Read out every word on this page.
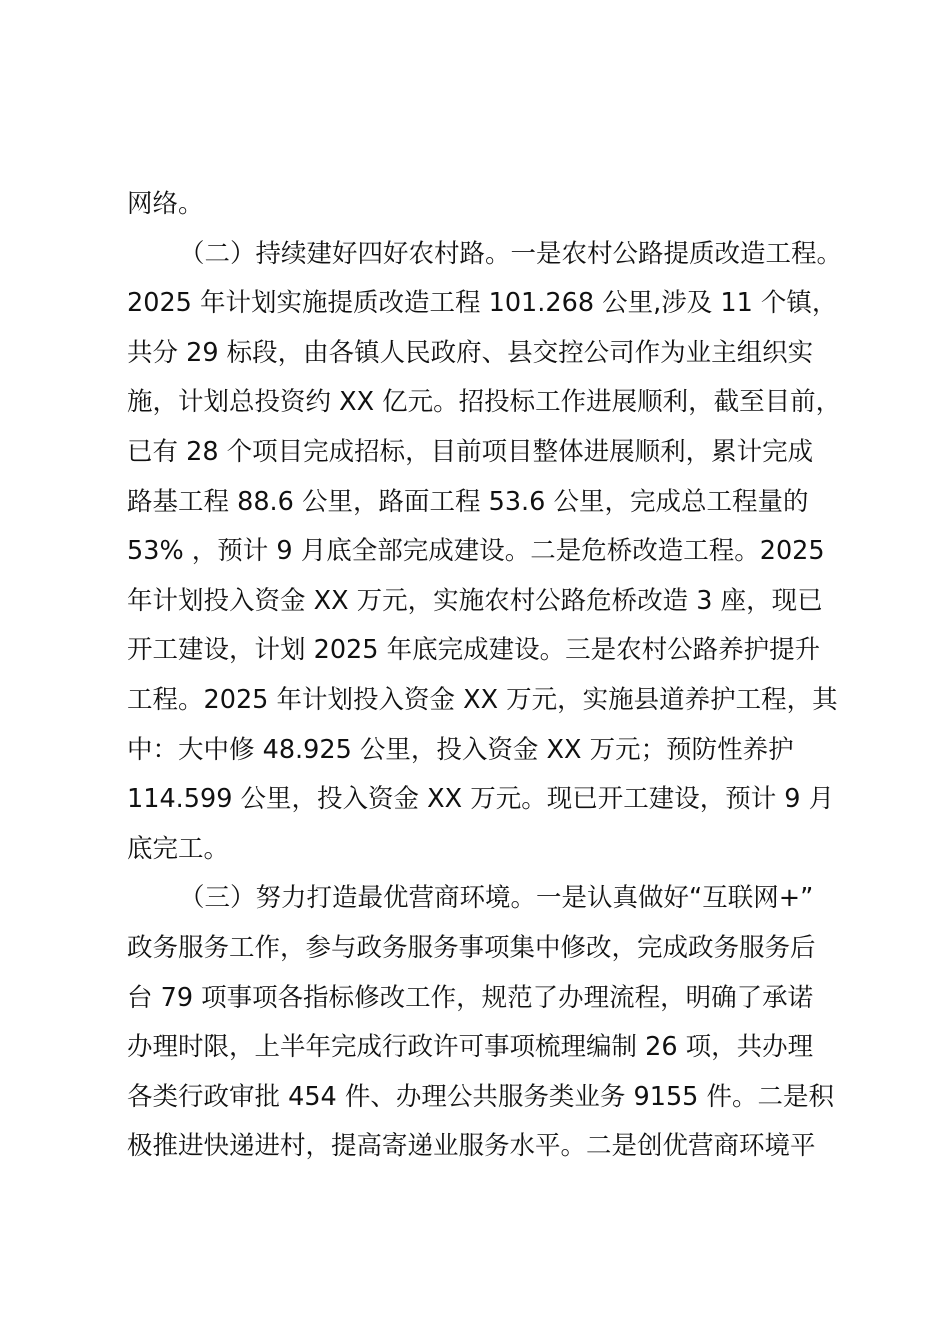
网络。
（二）持续建好四好农村路。一是农村公路提质改造工程。
2025 年计划实施提质改造工程 101.268 公里,涉及 11 个镇，
共分 29 标段，由各镇人民政府、县交控公司作为业主组织实
施，计划总投资约 XX 亿元。招投标工作进展顺利，截至目前，
已有 28 个项目完成招标，目前项目整体进展顺利，累计完成
路基工程 88.6 公里，路面工程 53.6 公里，完成总工程量的
53% ，预计 9 月底全部完成建设。二是危桥改造工程。2025
年计划投入资金 XX 万元，实施农村公路危桥改造 3 座，现已
开工建设，计划 2025 年底完成建设。三是农村公路养护提升
工程。2025 年计划投入资金 XX 万元，实施县道养护工程，其
中：大中修 48.925 公里，投入资金 XX 万元；预防性养护
114.599 公里，投入资金 XX 万元。现已开工建设，预计 9 月
底完工。
（三）努力打造最优营商环境。一是认真做好“互联网+”
政务服务工作，参与政务服务事项集中修改，完成政务服务后
台 79 项事项各指标修改工作，规范了办理流程，明确了承诺
办理时限，上半年完成行政许可事项梳理编制 26 项，共办理
各类行政审批 454 件、办理公共服务类业务 9155 件。二是积
极推进快递进村，提高寄递业服务水平。二是创优营商环境平
